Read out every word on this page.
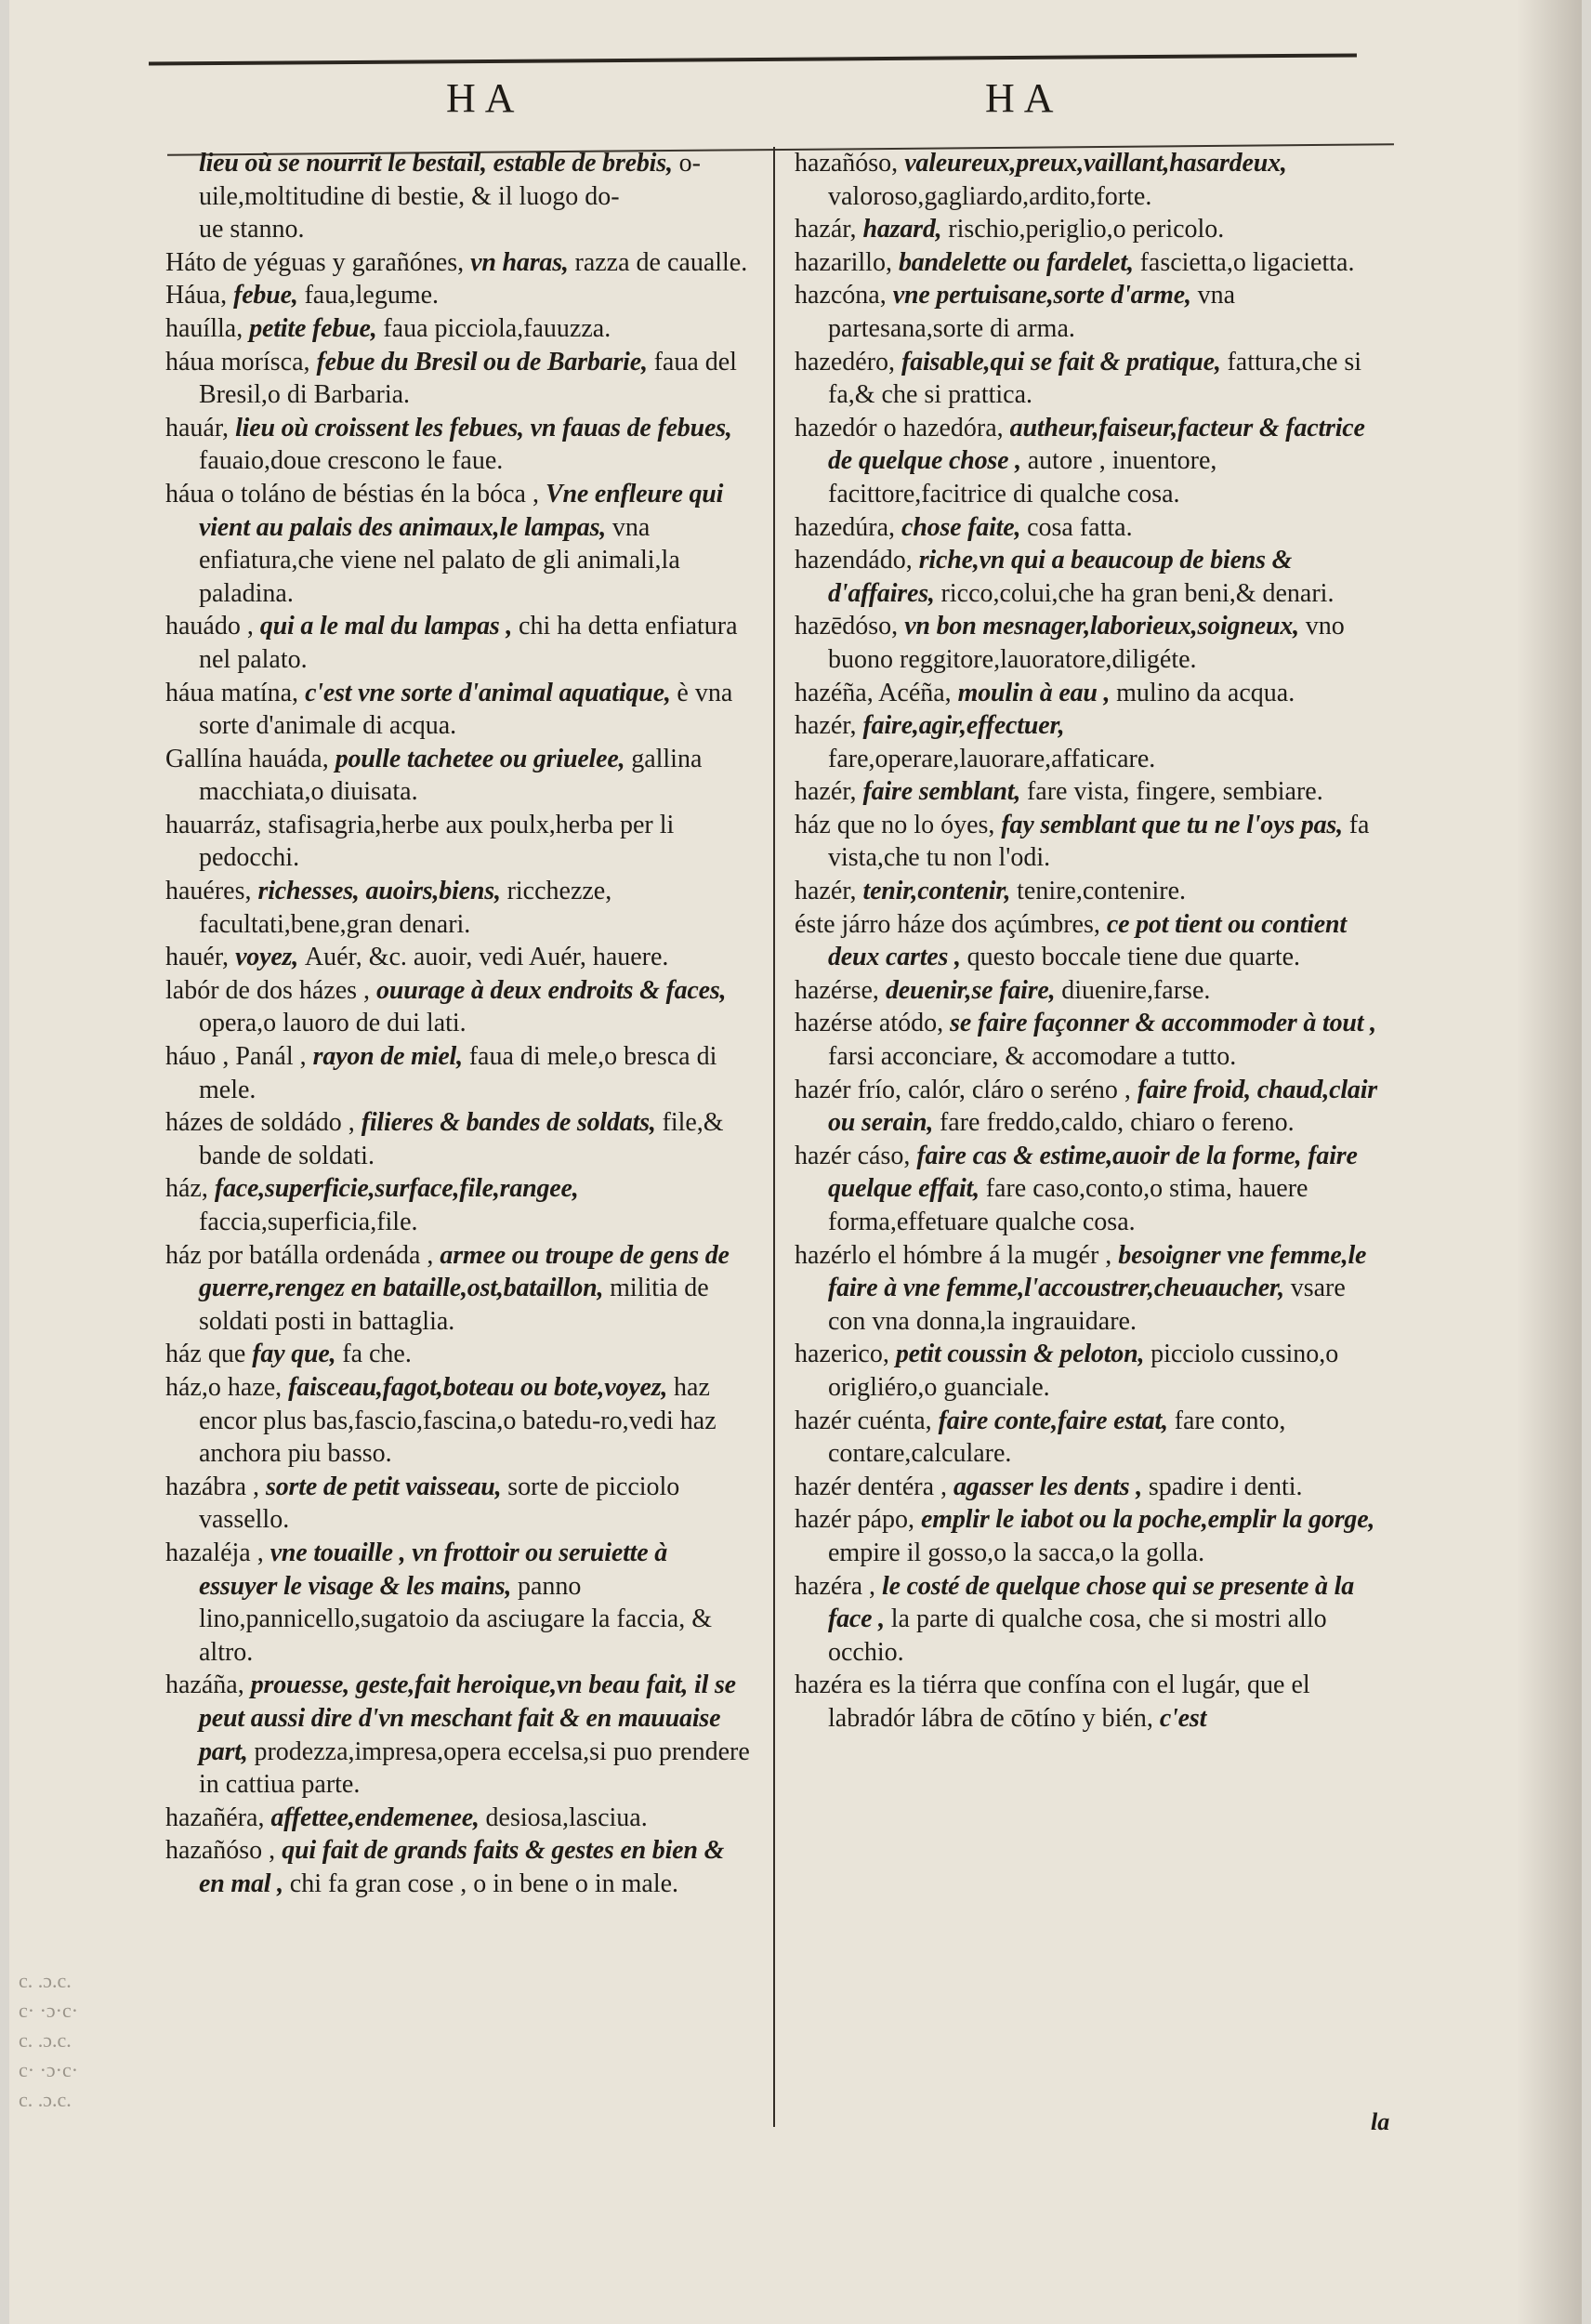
HA	HA

lieu où se nourrit le bestail, estable de brebis, o-

uile,moltitudine di bestie, & il luogo do-

ue stanno.

Háto de yéguas y garañónes, vn haras, razza de caualle.

Háua, febue, faua,legume.

hauílla, petite febue, faua picciola,fauuzza.

háua morísca, febue du Bresil ou de Barbarie, faua del Bresil,o di Barbaria.

hauár, lieu où croissent les febues, vn fauas de febues, fauaio,doue crescono le faue.

háua o toláno de béstias én la bóca , Vne enfleure qui vient au palais des animaux,le lampas, vna enfiatura,che viene nel palato de gli animali,la paladina.

hauádo , qui a le mal du lampas , chi ha detta enfiatura nel palato.

háua matína, c'est vne sorte d'animal aquatique, è vna sorte d'animale di acqua.

Gallína hauáda, poulle tachetee ou griuelee, gallina macchiata,o diuisata.

hauarráz, stafisagria,herbe aux poulx,herba per li pedocchi.

hauéres, richesses, auoirs,biens, ricchezze, facultati,bene,gran denari.

hauér, voyez, Auér, &c. auoir, vedi Auér, hauere.

labór de dos házes , ouurage à deux endroits & faces, opera,o lauoro de dui lati.

háuo , Panál , rayon de miel, faua di mele,o bresca di mele.

házes de soldádo , filieres & bandes de soldats, file,& bande de soldati.

ház, face,superficie,surface,file,rangee, faccia,superficia,file.

ház por batálla ordenáda , armee ou troupe de gens de guerre,rengez en bataille,ost,bataillon, militia de soldati posti in battaglia.

ház que fay que, fa che.

ház,o haze, faisceau,fagot,boteau ou bote,voyez, haz encor plus bas,fascio,fascina,o batedu-ro,vedi haz anchora piu basso.

hazábra , sorte de petit vaisseau, sorte de picciolo vassello.

hazaléja , vne touaille , vn frottoir ou seruiette à essuyer le visage & les mains, panno lino,pannicello,sugatoio da asciugare la faccia, & altro.

hazáña, prouesse, geste,fait heroique,vn beau fait, il se peut aussi dire d'vn meschant fait & en mauuaise part, prodezza,impresa,opera eccelsa,si puo prendere in cattiua parte.

hazañéra, affettee,endemenee, desiosa,lasciua.

hazañóso , qui fait de grands faits & gestes en bien & en mal , chi fa gran cose , o in bene o in male.

hazañóso, valeureux,preux,vaillant,hasardeux, valoroso,gagliardo,ardito,forte.

hazár, hazard, rischio,periglio,o pericolo.

hazarillo, bandelette ou fardelet, fascietta,o ligacietta.

hazcóna, vne pertuisane,sorte d'arme, vna partesana,sorte di arma.

hazedéro, faisable,qui se fait & pratique, fattura,che si fa,& che si prattica.

hazedór o hazedóra, autheur,faiseur,facteur & factrice de quelque chose , autore , inuentore, facittore,facitrice di qualche cosa.

hazedúra, chose faite, cosa fatta.

hazendádo, riche,vn qui a beaucoup de biens & d'affaires, ricco,colui,che ha gran beni,& denari.

hazēdóso, vn bon mesnager,laborieux,soigneux, vno buono reggitore,lauoratore,diligéte.

hazéña, Acéña, moulin à eau , mulino da acqua.

hazér, faire,agir,effectuer, fare,operare,lauorare,affaticare.

hazér, faire semblant, fare vista, fingere, sembiare.

ház que no lo óyes, fay semblant que tu ne l'oys pas, fa vista,che tu non l'odi.

hazér, tenir,contenir, tenire,contenire.

éste járro háze dos açúmbres, ce pot tient ou contient deux cartes , questo boccale tiene due quarte.

hazérse, deuenir,se faire, diuenire,farse.

hazérse atódo, se faire façonner & accommoder à tout , farsi acconciare, & accomodare a tutto.

hazér frío, calór, cláro o seréno , faire froid, chaud,clair ou serain, fare freddo,caldo, chiaro o fereno.

hazér cáso, faire cas & estime,auoir de la forme, faire quelque effait, fare caso,conto,o stima, hauere forma,effetuare qualche cosa.

hazérlo el hómbre á la mugér , besoigner vne femme,le faire à vne femme,l'accoustrer,cheuaucher, vsare con vna donna,la ingrauidare.

hazerico, petit coussin & peloton, picciolo cussino,o origliéro,o guanciale.

hazér cuénta, faire conte,faire estat, fare conto, contare,calculare.

hazér dentéra , agasser les dents , spadire i denti.

hazér pápo, emplir le iabot ou la poche,emplir la gorge, empire il gosso,o la sacca,o la golla.

hazéra , le costé de quelque chose qui se presente à la face , la parte di qualche cosa, che si mostri allo occhio.

hazéra es la tiérra que confína con el lugár, que el labradór lábra de cōtíno y bién, c'est

c. .ɔ.c.
c· ·ɔ·c·
c. .ɔ.c.
c· ·ɔ·c·
c. .ɔ.c.
la
